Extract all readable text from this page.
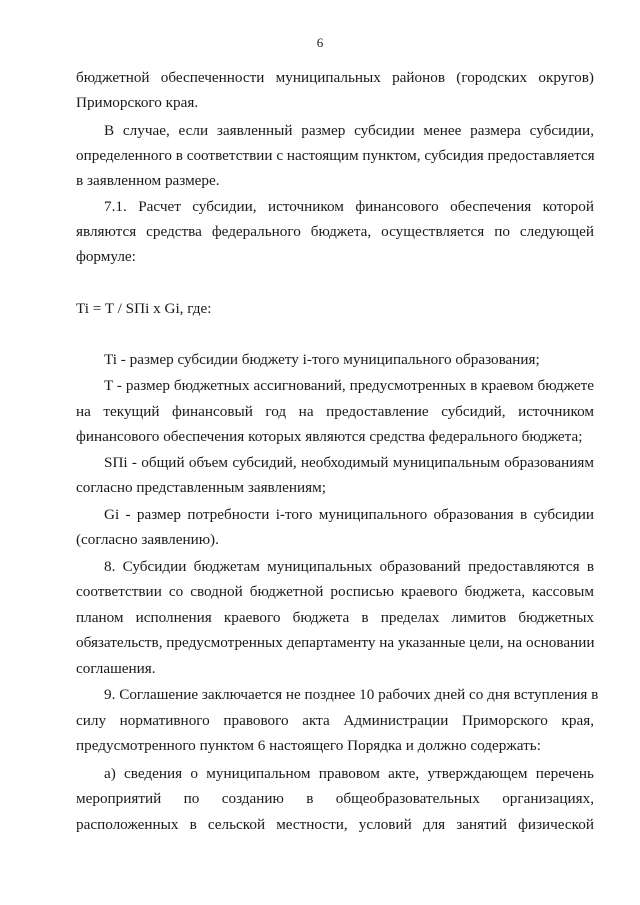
6
бюджетной обеспеченности муниципальных районов (городских округов)
Приморского края.
В случае, если заявленный размер субсидии менее размера субсидии,
определенного в соответствии с настоящим пунктом, субсидия предоставляется
в заявленном размере.
7.1. Расчет субсидии, источником финансового обеспечения которой
являются средства федерального бюджета, осуществляется по следующей
формуле:
Ti = T / SПi x Gi, где:
Ti - размер субсидии бюджету i-того муниципального образования;
T - размер бюджетных ассигнований, предусмотренных в краевом бюджете
на текущий финансовый год на предоставление субсидий, источником
финансового обеспечения которых являются средства федерального бюджета;
SПi - общий объем субсидий, необходимый муниципальным образованиям
согласно представленным заявлениям;
Gi - размер потребности i-того муниципального образования в субсидии
(согласно заявлению).
8. Субсидии бюджетам муниципальных образований предоставляются в
соответствии со сводной бюджетной росписью краевого бюджета, кассовым
планом исполнения краевого бюджета в пределах лимитов бюджетных
обязательств, предусмотренных департаменту на указанные цели, на основании
соглашения.
9. Соглашение заключается не позднее 10 рабочих дней со дня вступления в
силу нормативного правового акта Администрации Приморского края,
предусмотренного пунктом 6 настоящего Порядка и должно содержать:
а) сведения о муниципальном правовом акте, утверждающем перечень
мероприятий по созданию в общеобразовательных организациях,
расположенных в сельской местности, условий для занятий физической
